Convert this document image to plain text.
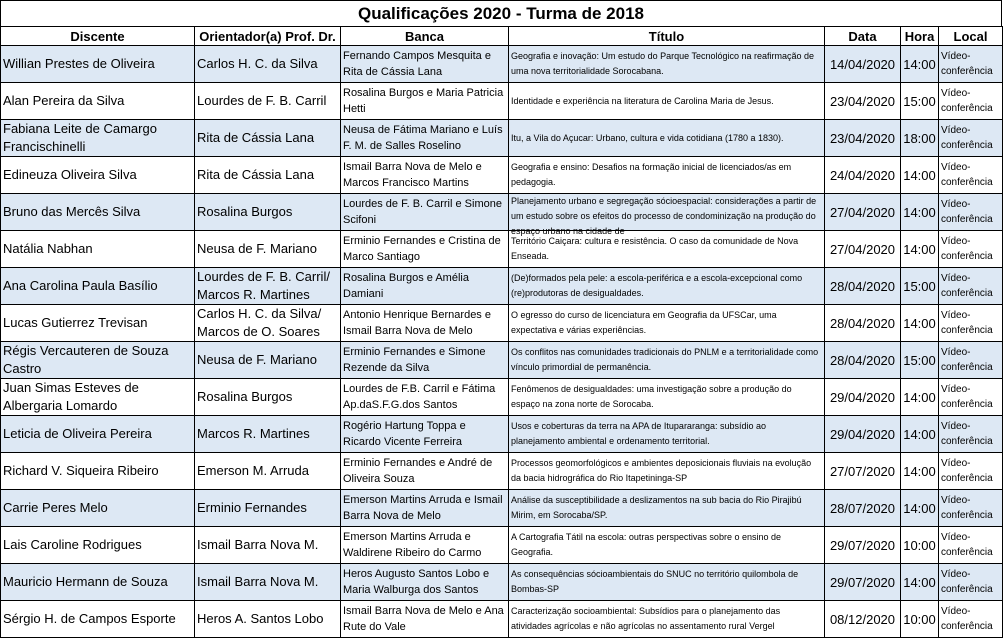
Qualificações 2020 - Turma de 2018
Discente	Orientador(a) Prof. Dr.	Banca	Título	Data	Hora	Local

Willian Prestes de Oliveira	Carlos H. C. da Silva	Fernando Campos Mesquita e Rita de Cássia Lana	Geografia e inovação: Um estudo do Parque Tecnológico na reafirmação de uma nova territorialidade Sorocabana.	14/04/2020	14:00	Vídeo-conferência

Alan Pereira da Silva	Lourdes de F. B. Carril	Rosalina Burgos e Maria Patricia Hetti	Identidade e experiência na literatura de Carolina Maria de Jesus.	23/04/2020	15:00	Vídeo-conferência

Fabiana Leite de Camargo Francischinelli	Rita de Cássia Lana	Neusa de Fátima Mariano e Luís F. M. de Salles Roselino	Itu, a Vila do Açucar: Urbano, cultura e vida cotidiana (1780 a 1830).	23/04/2020	18:00	Vídeo-conferência

Edineuza Oliveira Silva	Rita de Cássia Lana	Ismail Barra Nova de Melo e Marcos Francisco Martins	Geografia e ensino: Desafios na formação inicial de licenciados/as em pedagogia.	24/04/2020	14:00	Vídeo-conferência

Bruno das Mercês Silva	Rosalina Burgos	Lourdes de F. B. Carril e Simone Scifoni	Planejamento urbano e segregação sócioespacial: considerações a partir de um estudo sobre os efeitos do processo de condominização na produção do espaço urbano na cidade de	27/04/2020	14:00	Vídeo-conferência

Natália Nabhan	Neusa de F. Mariano	Erminio Fernandes e Cristina de Marco Santiago	Território Caiçara: cultura e resistência. O caso da comunidade de Nova Enseada.	27/04/2020	14:00	Vídeo-conferência

Ana Carolina Paula Basílio	Lourdes de F. B. Carril/ Marcos R. Martines	Rosalina Burgos e Amélia Damiani	(De)formados pela pele: a escola-periférica e a escola-excepcional como (re)produtoras de desigualdades.	28/04/2020	15:00	Vídeo-conferência

Lucas Gutierrez Trevisan	Carlos H. C. da Silva/ Marcos de O. Soares	Antonio Henrique Bernardes e Ismail Barra Nova de Melo	O egresso do curso de licenciatura em Geografia da UFSCar, uma expectativa e várias experiências.	28/04/2020	14:00	Vídeo-conferência

Régis Vercauteren de Souza Castro	Neusa de F. Mariano	Erminio Fernandes e Simone Rezende da Silva	Os conflitos nas comunidades tradicionais do PNLM e a territorialidade como vínculo primordial de permanência.	28/04/2020	15:00	Vídeo-conferência

Juan Simas Esteves de Albergaria Lomardo	Rosalina Burgos	Lourdes de F.B. Carril e Fátima Ap.daS.F.G.dos Santos	Fenômenos de desigualdades: uma investigação sobre a produção do espaço na zona norte de Sorocaba.	29/04/2020	14:00	Vídeo-conferência

Leticia de Oliveira Pereira	Marcos R. Martines	Rogério Hartung Toppa e Ricardo Vicente Ferreira	Usos e coberturas da terra na APA de Itupararanga: subsídio ao planejamento ambiental e ordenamento territorial.	29/04/2020	14:00	Vídeo-conferência

Richard V. Siqueira Ribeiro	Emerson M. Arruda	Erminio Fernandes e André de Oliveira Souza	Processos geomorfológicos e ambientes deposicionais fluviais na evolução da bacia hidrográfica do Rio Itapetininga-SP	27/07/2020	14:00	Vídeo-conferência

Carrie Peres Melo	Erminio Fernandes	Emerson Martins Arruda e Ismail Barra Nova de Melo	Análise da susceptibilidade a deslizamentos na sub bacia do Rio Pirajibú Mirim, em Sorocaba/SP.	28/07/2020	14:00	Vídeo-conferência

Lais Caroline Rodrigues	Ismail Barra Nova M.	Emerson Martins Arruda e Waldirene Ribeiro do Carmo	A Cartografia Tátil na escola: outras perspectivas sobre o ensino de Geografia.	29/07/2020	10:00	Vídeo-conferência

Mauricio Hermann de Souza	Ismail Barra Nova M.	Heros Augusto Santos Lobo e Maria Walburga dos Santos	As consequências sócioambientais do SNUC no território quilombola de Bombas-SP	29/07/2020	14:00	Vídeo-conferência

Sérgio H. de Campos Esporte	Heros A. Santos Lobo	Ismail Barra Nova de Melo e Ana Rute do Vale	Caracterização socioambiental: Subsídios para o planejamento das atividades agrícolas e não agrícolas no assentamento rural Vergel	08/12/2020	10:00	Vídeo-conferência
